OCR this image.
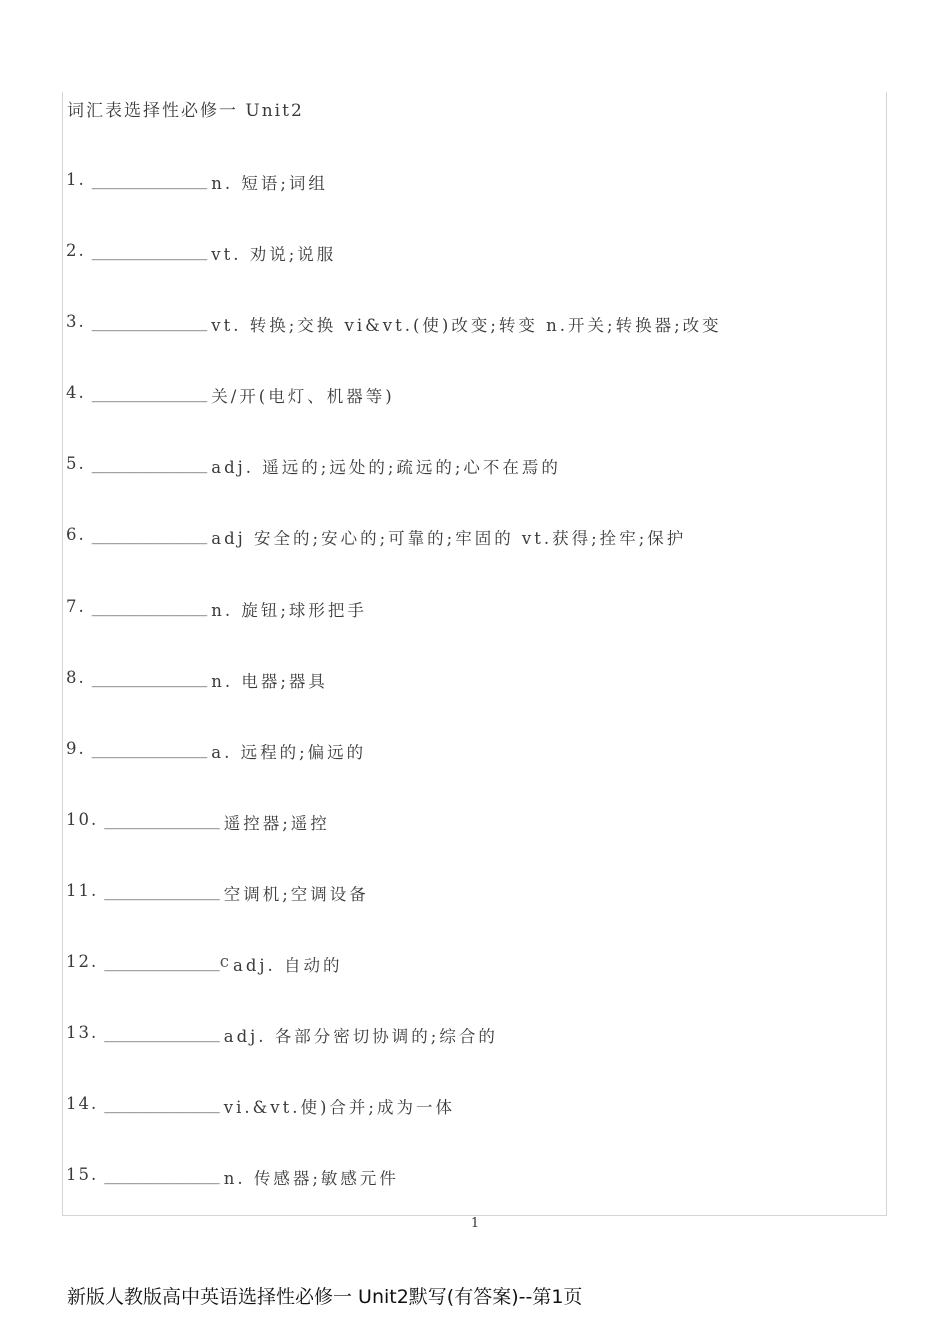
词汇表选择性必修一 Unit2
1. ______________ n. 短语;词组
2. ______________ vt. 劝说;说服
3. ______________ vt. 转换;交换 vi&vt.(使)改变;转变 n.开关;转换器;改变
4. ______________ 关/开(电灯、机器等)
5. ______________ adj. 遥远的;远处的;疏远的;心不在焉的
6. ______________ adj 安全的;安心的;可靠的;牢固的 vt.获得;拴牢;保护
7. ______________ n. 旋钮;球形把手
8. ______________ n. 电器;器具
9. ______________ a. 远程的;偏远的
10. ______________ 遥控器;遥控
11. ______________ 空调机;空调设备
12. ______________c adj. 自动的
13. ______________ adj. 各部分密切协调的;综合的
14. ______________ vi.&vt.使)合并;成为一体
15. ______________ n. 传感器;敏感元件
1
新版人教版高中英语选择性必修一 Unit2默写(有答案)--第1页
